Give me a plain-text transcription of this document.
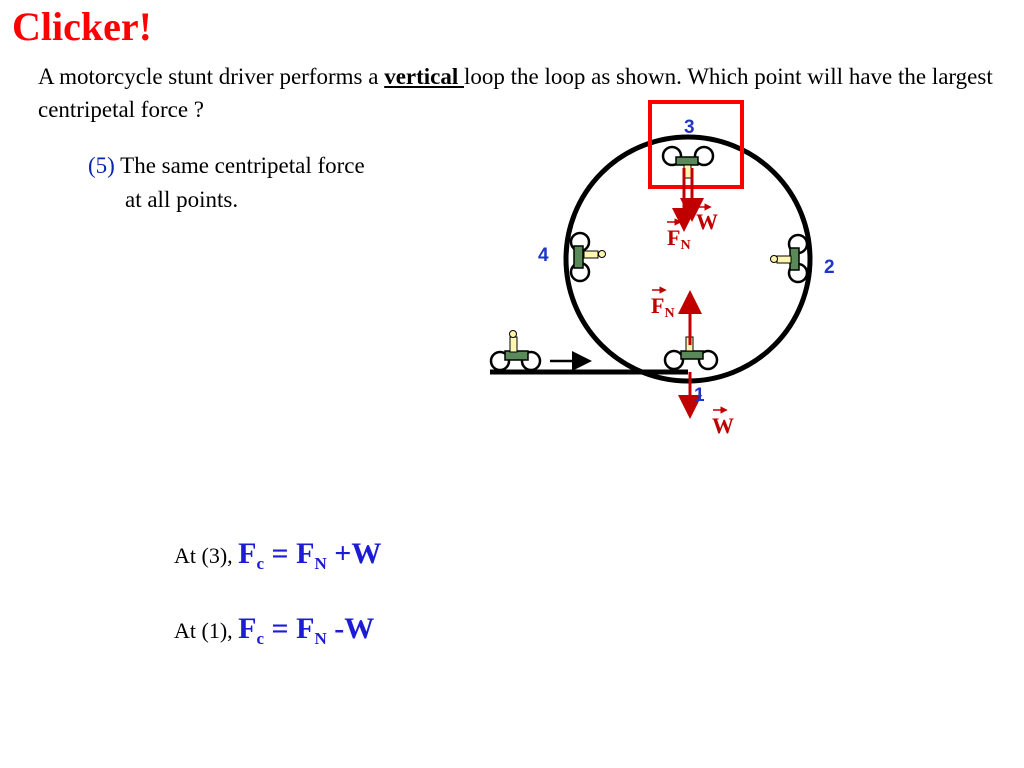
Clicker!
A motorcycle stunt driver performs a vertical loop the loop as shown. Which point will have the largest centripetal force ?
(5) The same centripetal force
at all points.
W
FN
FN
W
3
4
2
1
At (3), $F_c = F_N +W$
At (1), $F_c = F_N$ -W
